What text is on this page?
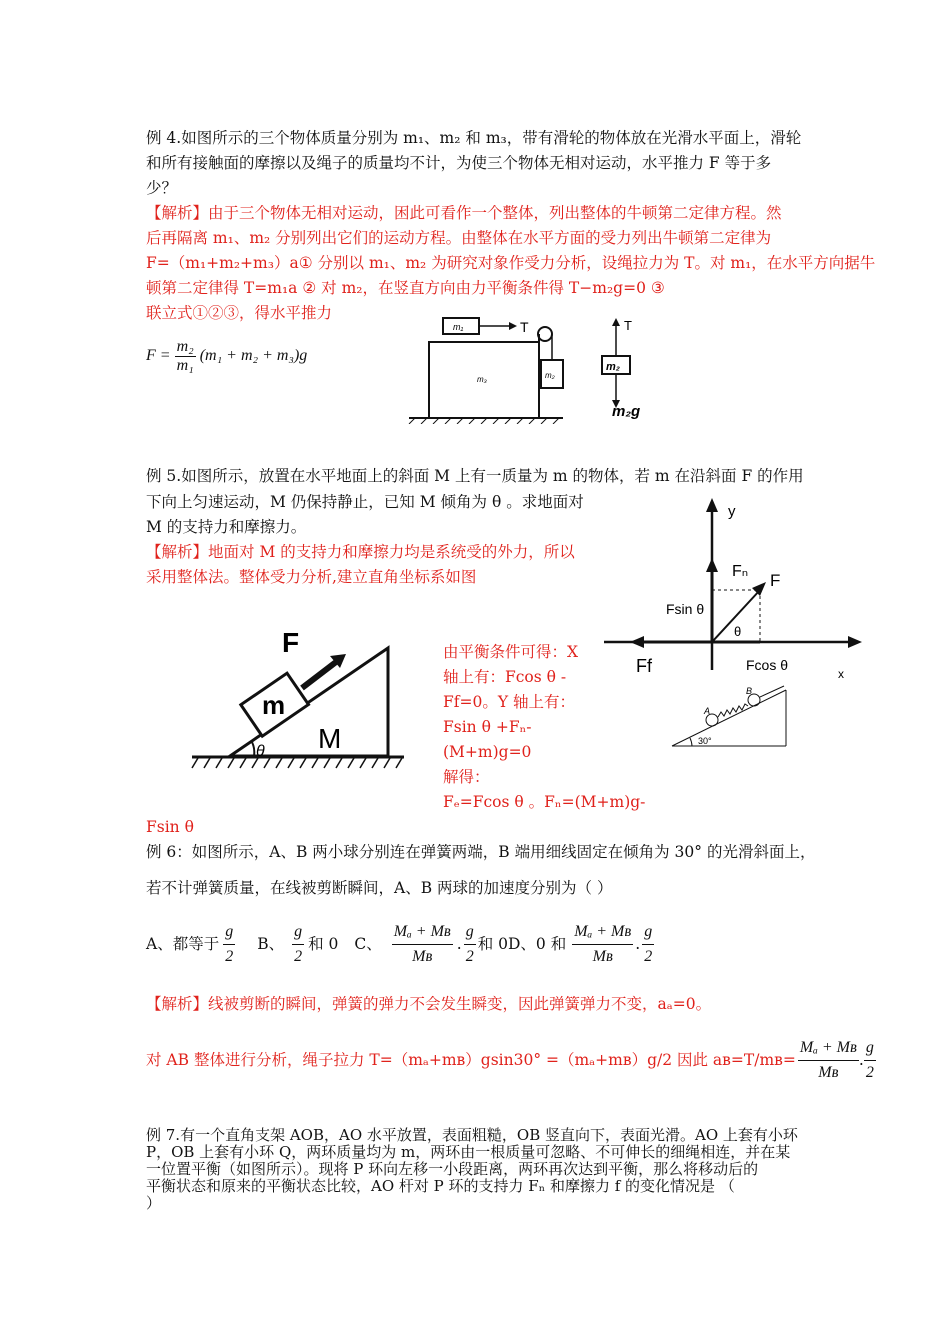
例 4.如图所示的三个物体质量分别为 m₁、m₂ 和 m₃，带有滑轮的物体放在光滑水平面上，滑轮
和所有接触面的摩擦以及绳子的质量均不计，为使三个物体无相对运动，水平推力 F 等于多
少？
【解析】由于三个物体无相对运动，困此可看作一个整体，列出整体的牛顿第二定律方程。然
后再隔离 m₁、m₂ 分别列出它们的运动方程。由整体在水平方面的受力列出牛顿第二定律为
F=（m₁+m₂+m₃）a① 分别以 m₁、m₂ 为研究对象作受力分析，设绳拉力为 T。对 m₁，在水平方向据牛
顿第二定律得 T=m₁a ② 对 m₂，在竖直方向由力平衡条件得 T−m₂g=0 ③
联立式①②③，得水平推力
$F = \frac{\text{m₂}}{\text{m₁}} (m_1 + m_2 + m_3)g$
m₁	T
m₃	m₂
T
m₂
m₂g
例 5.如图所示，放置在水平地面上的斜面 M 上有一质量为 m 的物体，若 m 在沿斜面 F 的作用
下向上匀速运动，M 仍保持静止，已知 M 倾角为 θ 。求地面对
M 的支持力和摩擦力。
【解析】地面对 M 的支持力和摩擦力均是系统受的外力，所以
采用整体法。整体受力分析,建立直角坐标系如图
F
m
M
θ
由平衡条件可得：X
轴上有：Fcos θ -
Ff=0。Y 轴上有：
Fsin θ +Fₙ-
(M+m)g=0
解得：
Fₑ=Fcos θ 。Fₙ=(M+m)g-
Fsin θ
y
Fₙ F
Fsin θ
θ
Ff	Fcos θ
x
A
B
30°
例 6：如图所示，A、B 两小球分别连在弹簧两端，B 端用细线固定在倾角为 30° 的光滑斜面上，
若不计弹簧质量，在线被剪断瞬间，A、B 两球的加速度分别为（ ）
A、都等于 $\frac{g}{2}$ B、 $\frac{g}{2}$ 和 0 C、 $\frac{\text{Mₐ + Mʙ}}{\text{Mʙ}}$ . $\frac{g}{2}$ 和 0D、0 和 $\frac{\text{Mₐ + Mʙ}}{\text{Mʙ}}$ . $\frac{g}{2}$
【解析】线被剪断的瞬间，弹簧的弹力不会发生瞬变，因此弹簧弹力不变，aₐ=0。
对 AB 整体进行分析，绳子拉力 T=（mₐ+mʙ）gsin30° =（mₐ+mʙ）g/2 因此 aʙ=T/mʙ= $\frac{\text{Mₐ + Mʙ}}{\text{Mʙ}}$ . $\frac{g}{2}$
例 7.有一个直角支架 AOB，AO 水平放置，表面粗糙，OB 竖直向下，表面光滑。AO 上套有小环
P，OB 上套有小环 Q，两环质量均为 m，两环由一根质量可忽略、不可伸长的细绳相连，并在某
一位置平衡（如图所示）。现将 P 环向左移一小段距离，两环再次达到平衡，那么将移动后的
平衡状态和原来的平衡状态比较，AO 杆对 P 环的支持力 Fₙ 和摩擦力 f 的变化情况是 （
）
